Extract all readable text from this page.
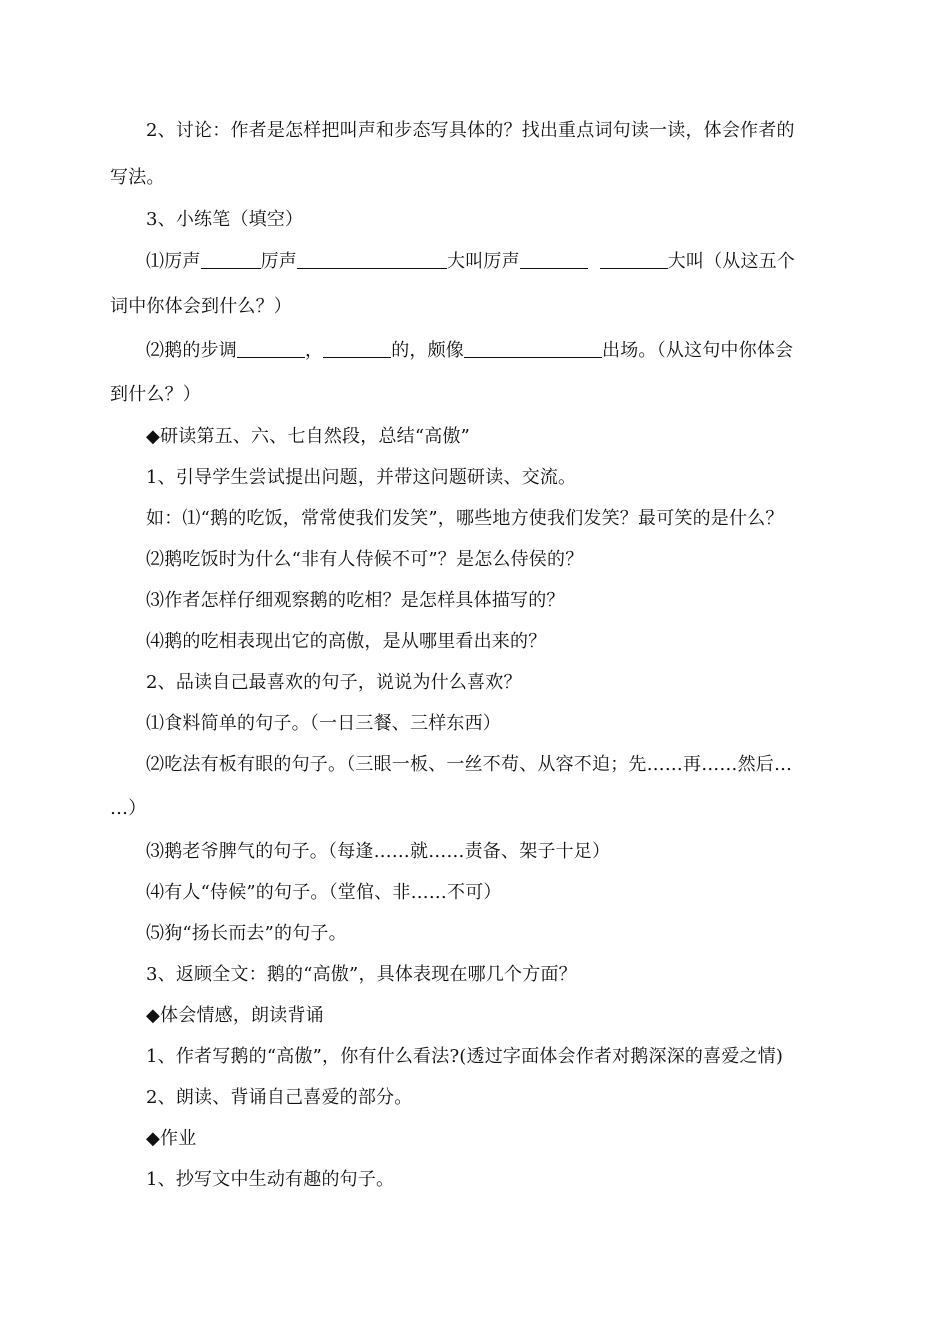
2、讨论：作者是怎样把叫声和步态写具体的？找出重点词句读一读，体会作者的
写法。
3、小练笔（填空）
⑴厉声	厉声	大叫厉声	大叫（从这五个
词中你体会到什么？）
⑵鹅的步调	，	的，颇像	出场。（从这句中你体会
到什么？）
◆研读第五、六、七自然段，总结“高傲”
1、引导学生尝试提出问题，并带这问题研读、交流。
如：⑴“鹅的吃饭，常常使我们发笑”，哪些地方使我们发笑？最可笑的是什么？
⑵鹅吃饭时为什么“非有人侍候不可”？是怎么侍侯的？
⑶作者怎样仔细观察鹅的吃相？是怎样具体描写的？
⑷鹅的吃相表现出它的高傲，是从哪里看出来的？
2、品读自己最喜欢的句子，说说为什么喜欢？
⑴食料简单的句子。（一日三餐、三样东西）
⑵吃法有板有眼的句子。（三眼一板、一丝不苟、从容不迫；先……再……然后…
…）
⑶鹅老爷脾气的句子。（每逢……就……责备、架子十足）
⑷有人“侍候”的句子。（堂倌、非……不可）
⑸狗“扬长而去”的句子。
3、返顾全文：鹅的“高傲”，具体表现在哪几个方面？
◆体会情感，朗读背诵
1、作者写鹅的“高傲”，你有什么看法?(透过字面体会作者对鹅深深的喜爱之情)
2、朗读、背诵自己喜爱的部分。
◆作业
1、抄写文中生动有趣的句子。
